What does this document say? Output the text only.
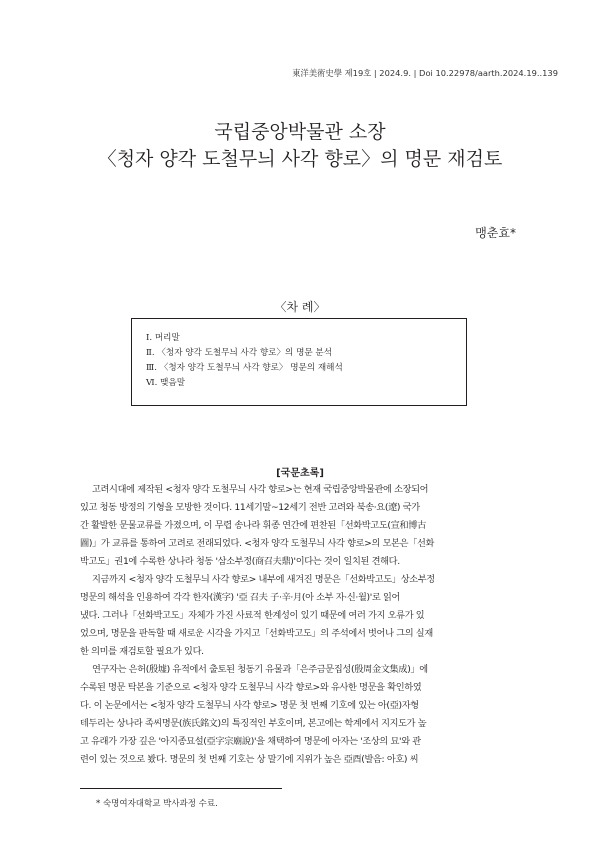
東洋美術史學 제19호 | 2024.9. | Doi 10.22978/aarth.2024.19..139
국립중앙박물관 소장
〈청자 양각 도철무늬 사각 향로〉의 명문 재검토
맹춘효*
〈차 례〉
Ⅰ. 머리말
Ⅱ. 〈청자 양각 도철무늬 사각 향로〉의 명문 분석
Ⅲ. 〈청자 양각 도철무늬 사각 향로〉 명문의 재해석
Ⅵ. 맺음말
[국문초록]

고려시대에 제작된 <청자 양각 도철무늬 사각 향로>는 현재 국립중앙박물관에 소장되어
있고 청동 방정의 기형을 모방한 것이다. 11세기말~12세기 전반 고려와 북송·요(遼) 국가
간 활발한 문물교류를 가졌으며, 이 무렵 송나라 휘종 연간에 편찬된「선화박고도(宣和博古
圖)」가 교류를 통하여 고려로 전래되었다. <청자 양각 도철무늬 사각 향로>의 모본은「선화
박고도」권1에 수록한 상나라 청동 '삼소부정(商召夫鼎)'이다는 것이 일치된 견해다.

지금까지 <청자 양각 도철무늬 사각 향로> 내부에 새겨진 명문은「선화박고도」상소부정
명문의 해석을 인용하여 각각 한자(漢字) '亞 召夫 子·辛·月(아 소부 자·신·월)'로 읽어
냈다. 그러나「선화박고도」자체가 가진 사료적 한계성이 있기 때문에 여러 가지 오류가 있
었으며, 명문을 판독할 때 새로운 시각을 가지고「선화박고도」의 주석에서 벗어나 그의 실재
한 의미를 재검토할 필요가 있다.

연구자는 은허(殷墟) 유적에서 출토된 청동기 유물과「은주금문집성(殷周金文集成)」에
수록된 명문 탁본을 기준으로 <청자 양각 도철무늬 사각 향로>와 유사한 명문을 확인하였
다. 이 논문에서는 <청자 양각 도철무늬 사각 향로> 명문 첫 번째 기호에 있는 아(亞)자형
테두리는 상나라 족씨명문(族氏銘文)의 특징적인 부호이며, 본고에는 학계에서 지지도가 높
고 유래가 가장 깊은 '아지종묘설(亞字宗廟說)'을 채택하여 명문에 아자는 '조상의 묘'와 관
련이 있는 것으로 봤다. 명문의 첫 번째 기호는 상 말기에 지위가 높은 亞酉(발음: 아호) 씨

* 숙명여자대학교 박사과정 수료.
